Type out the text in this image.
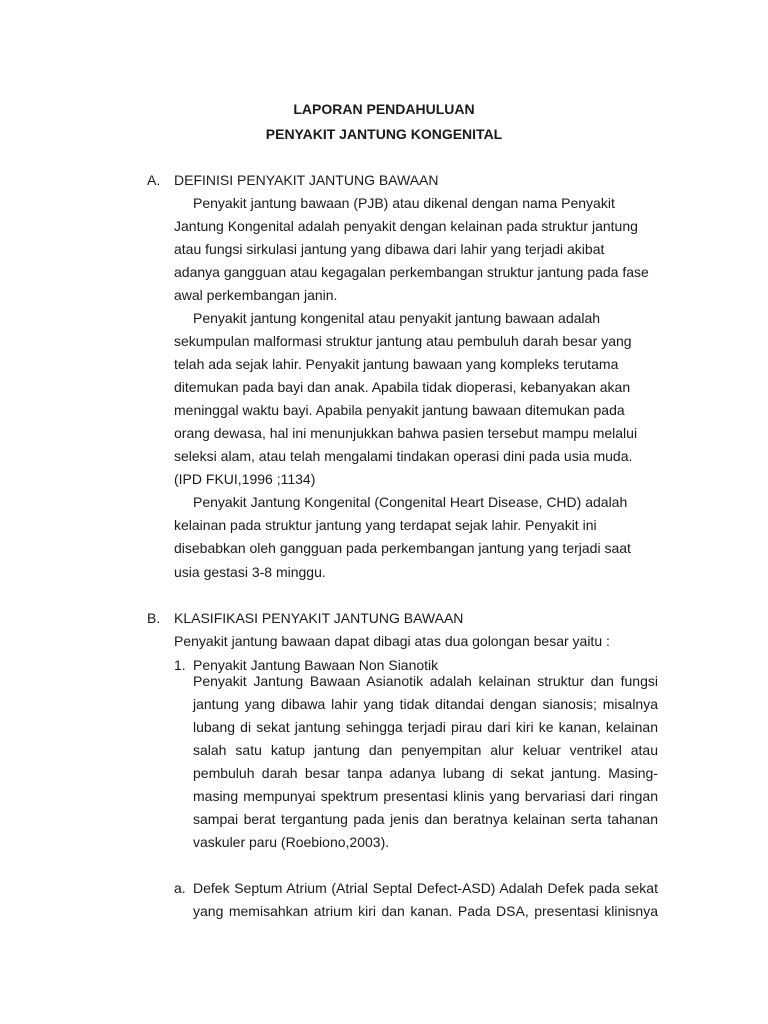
LAPORAN PENDAHULUAN
PENYAKIT JANTUNG KONGENITAL
A. DEFINISI PENYAKIT JANTUNG BAWAAN
Penyakit jantung bawaan (PJB) atau dikenal dengan nama Penyakit
Jantung Kongenital adalah penyakit dengan kelainan pada struktur jantung
atau fungsi sirkulasi jantung yang dibawa dari lahir yang terjadi akibat
adanya gangguan atau kegagalan perkembangan struktur jantung pada fase
awal perkembangan janin.
Penyakit jantung kongenital atau penyakit jantung bawaan adalah
sekumpulan malformasi struktur jantung atau pembuluh darah besar yang
telah ada sejak lahir. Penyakit jantung bawaan yang kompleks terutama
ditemukan pada bayi dan anak. Apabila tidak dioperasi, kebanyakan akan
meninggal waktu bayi. Apabila penyakit jantung bawaan ditemukan pada
orang dewasa, hal ini menunjukkan bahwa pasien tersebut mampu melalui
seleksi alam, atau telah mengalami tindakan operasi dini pada usia muda.
(IPD FKUI,1996 ;1134)
Penyakit Jantung Kongenital (Congenital Heart Disease, CHD) adalah
kelainan pada struktur jantung yang terdapat sejak lahir. Penyakit ini
disebabkan oleh gangguan pada perkembangan jantung yang terjadi saat
usia gestasi 3-8 minggu.
B. KLASIFIKASI PENYAKIT JANTUNG BAWAAN
Penyakit jantung bawaan dapat dibagi atas dua golongan besar yaitu :
1. Penyakit Jantung Bawaan Non Sianotik
Penyakit Jantung Bawaan Asianotik adalah kelainan struktur dan fungsi
jantung yang dibawa lahir yang tidak ditandai dengan sianosis; misalnya
lubang di sekat jantung sehingga terjadi pirau dari kiri ke kanan, kelainan
salah satu katup jantung dan penyempitan alur keluar ventrikel atau
pembuluh darah besar tanpa adanya lubang di sekat jantung. Masing-
masing mempunyai spektrum presentasi klinis yang bervariasi dari ringan
sampai berat tergantung pada jenis dan beratnya kelainan serta tahanan
vaskuler paru (Roebiono,2003).
a. Defek Septum Atrium (Atrial Septal Defect-ASD) Adalah Defek pada sekat
yang memisahkan atrium kiri dan kanan. Pada DSA, presentasi klinisnya
